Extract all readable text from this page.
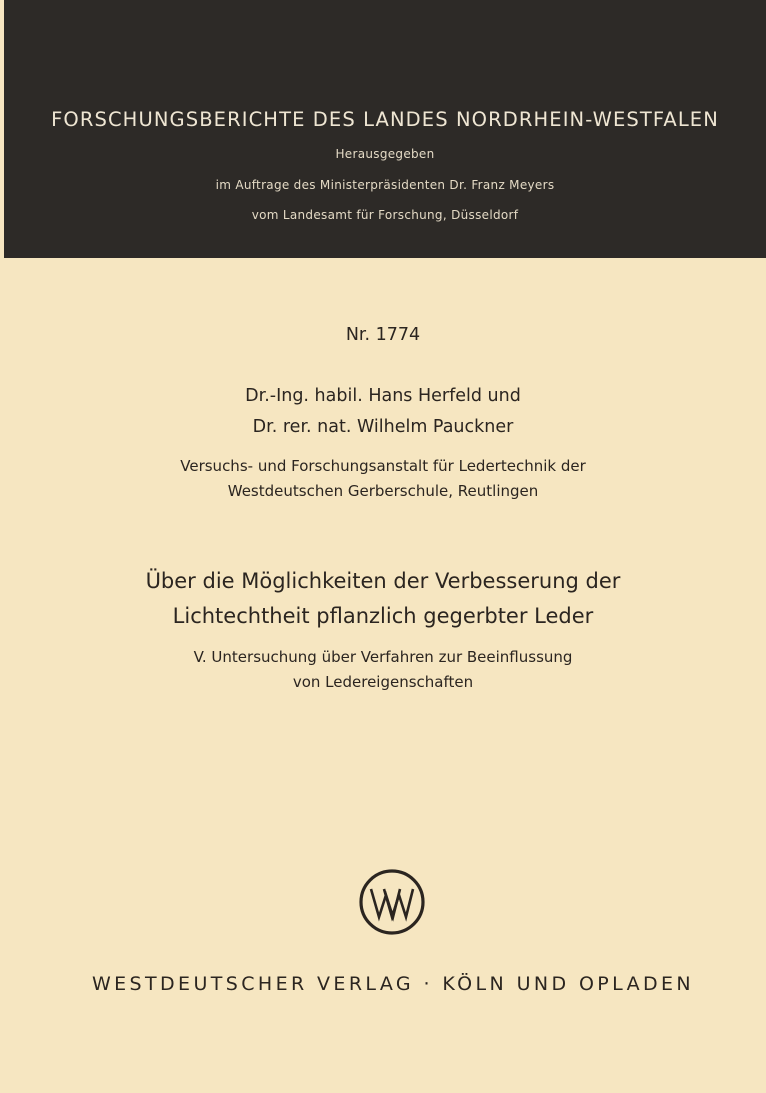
FORSCHUNGSBERICHTE DES LANDES NORDRHEIN-WESTFALEN
Herausgegeben
im Auftrage des Ministerpräsidenten Dr. Franz Meyers
vom Landesamt für Forschung, Düsseldorf
Nr. 1774
Dr.-Ing. habil. Hans Herfeld und
Dr. rer. nat. Wilhelm Pauckner
Versuchs- und Forschungsanstalt für Ledertechnik der
Westdeutschen Gerberschule, Reutlingen
Über die Möglichkeiten der Verbesserung der
Lichtechtheit pflanzlich gegerbter Leder
V. Untersuchung über Verfahren zur Beeinflussung
von Ledereigenschaften
WESTDEUTSCHER VERLAG · KÖLN UND OPLADEN
